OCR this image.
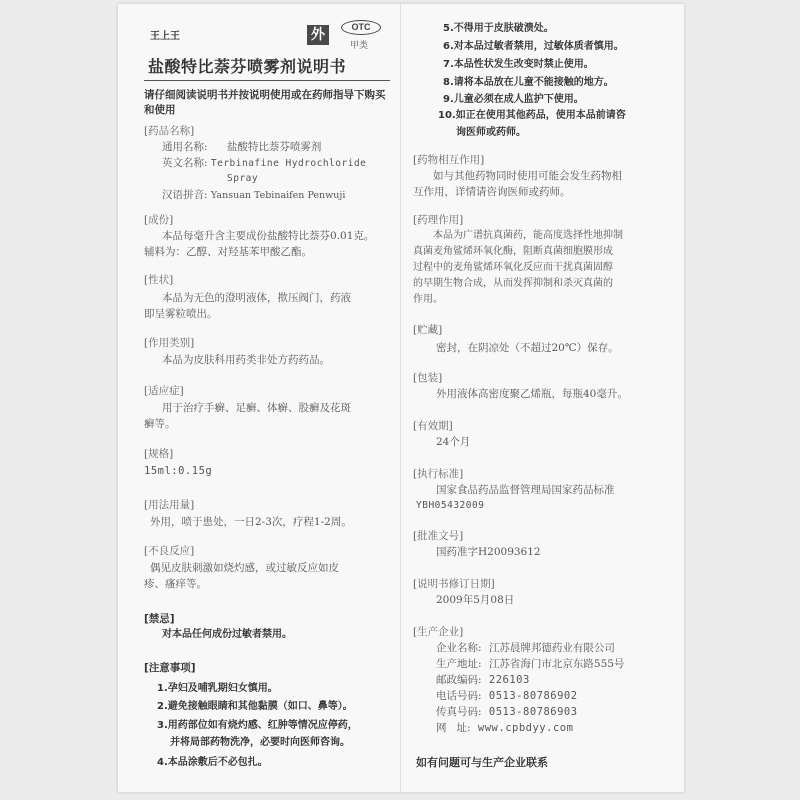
王上王	外	OTC
甲类
盐酸特比萘芬喷雾剂说明书
请仔细阅读说明书并按说明使用或在药师指导下购买和使用
[药品名称]
通用名称: 盐酸特比萘芬喷雾剂
英文名称: Terbinafine Hydrochloride
Spray
汉语拼音: Yansuan Tebinaifen Penwuji
[成份]
本品每毫升含主要成份盐酸特比萘芬0.01克。
辅料为：乙醇、对羟基苯甲酸乙酯。
[性状]
本品为无色的澄明液体，揿压阀门，药液
即呈雾粒喷出。
[作用类别]
本品为皮肤科用药类非处方药药品。
[适应症]
用于治疗手癣、足癣、体癣、股癣及花斑
癣等。
[规格]
15ml:0.15g
[用法用量]
外用，喷于患处，一日2-3次，疗程1-2周。
[不良反应]
偶见皮肤刺激如烧灼感，或过敏反应如皮
疹、瘙痒等。
[禁忌]
对本品任何成份过敏者禁用。
[注意事项]
1.孕妇及哺乳期妇女慎用。
2.避免接触眼睛和其他黏膜（如口、鼻等）。
3.用药部位如有烧灼感、红肿等情况应停药，
并将局部药物洗净，必要时向医师咨询。
4.本品涂敷后不必包扎。
5.不得用于皮肤破溃处。
6.对本品过敏者禁用，过敏体质者慎用。
7.本品性状发生改变时禁止使用。
8.请将本品放在儿童不能接触的地方。
9.儿童必须在成人监护下使用。
10.如正在使用其他药品，使用本品前请咨
询医师或药师。
[药物相互作用]
如与其他药物同时使用可能会发生药物相
互作用，详情请咨询医师或药师。
[药理作用]
本品为广谱抗真菌药，能高度选择性地抑制
真菌麦角鲨烯环氧化酶，阻断真菌细胞膜形成
过程中的麦角鲨烯环氧化反应而干扰真菌固醇
的早期生物合成，从而发挥抑制和杀灭真菌的
作用。
[贮藏]
密封，在阴凉处（不超过20℃）保存。
[包装]
外用液体高密度聚乙烯瓶，每瓶40毫升。
[有效期]
24个月
[执行标准]
国家食品药品监督管理局国家药品标准
YBH05432009
[批准文号]
国药准字H20093612
[说明书修订日期]
2009年5月08日
[生产企业]
企业名称: 江苏晨牌邦德药业有限公司
生产地址: 江苏省海门市北京东路555号
邮政编码: 226103
电话号码: 0513-80786902
传真号码: 0513-80786903
网   址: www.cpbdyy.com
如有问题可与生产企业联系
